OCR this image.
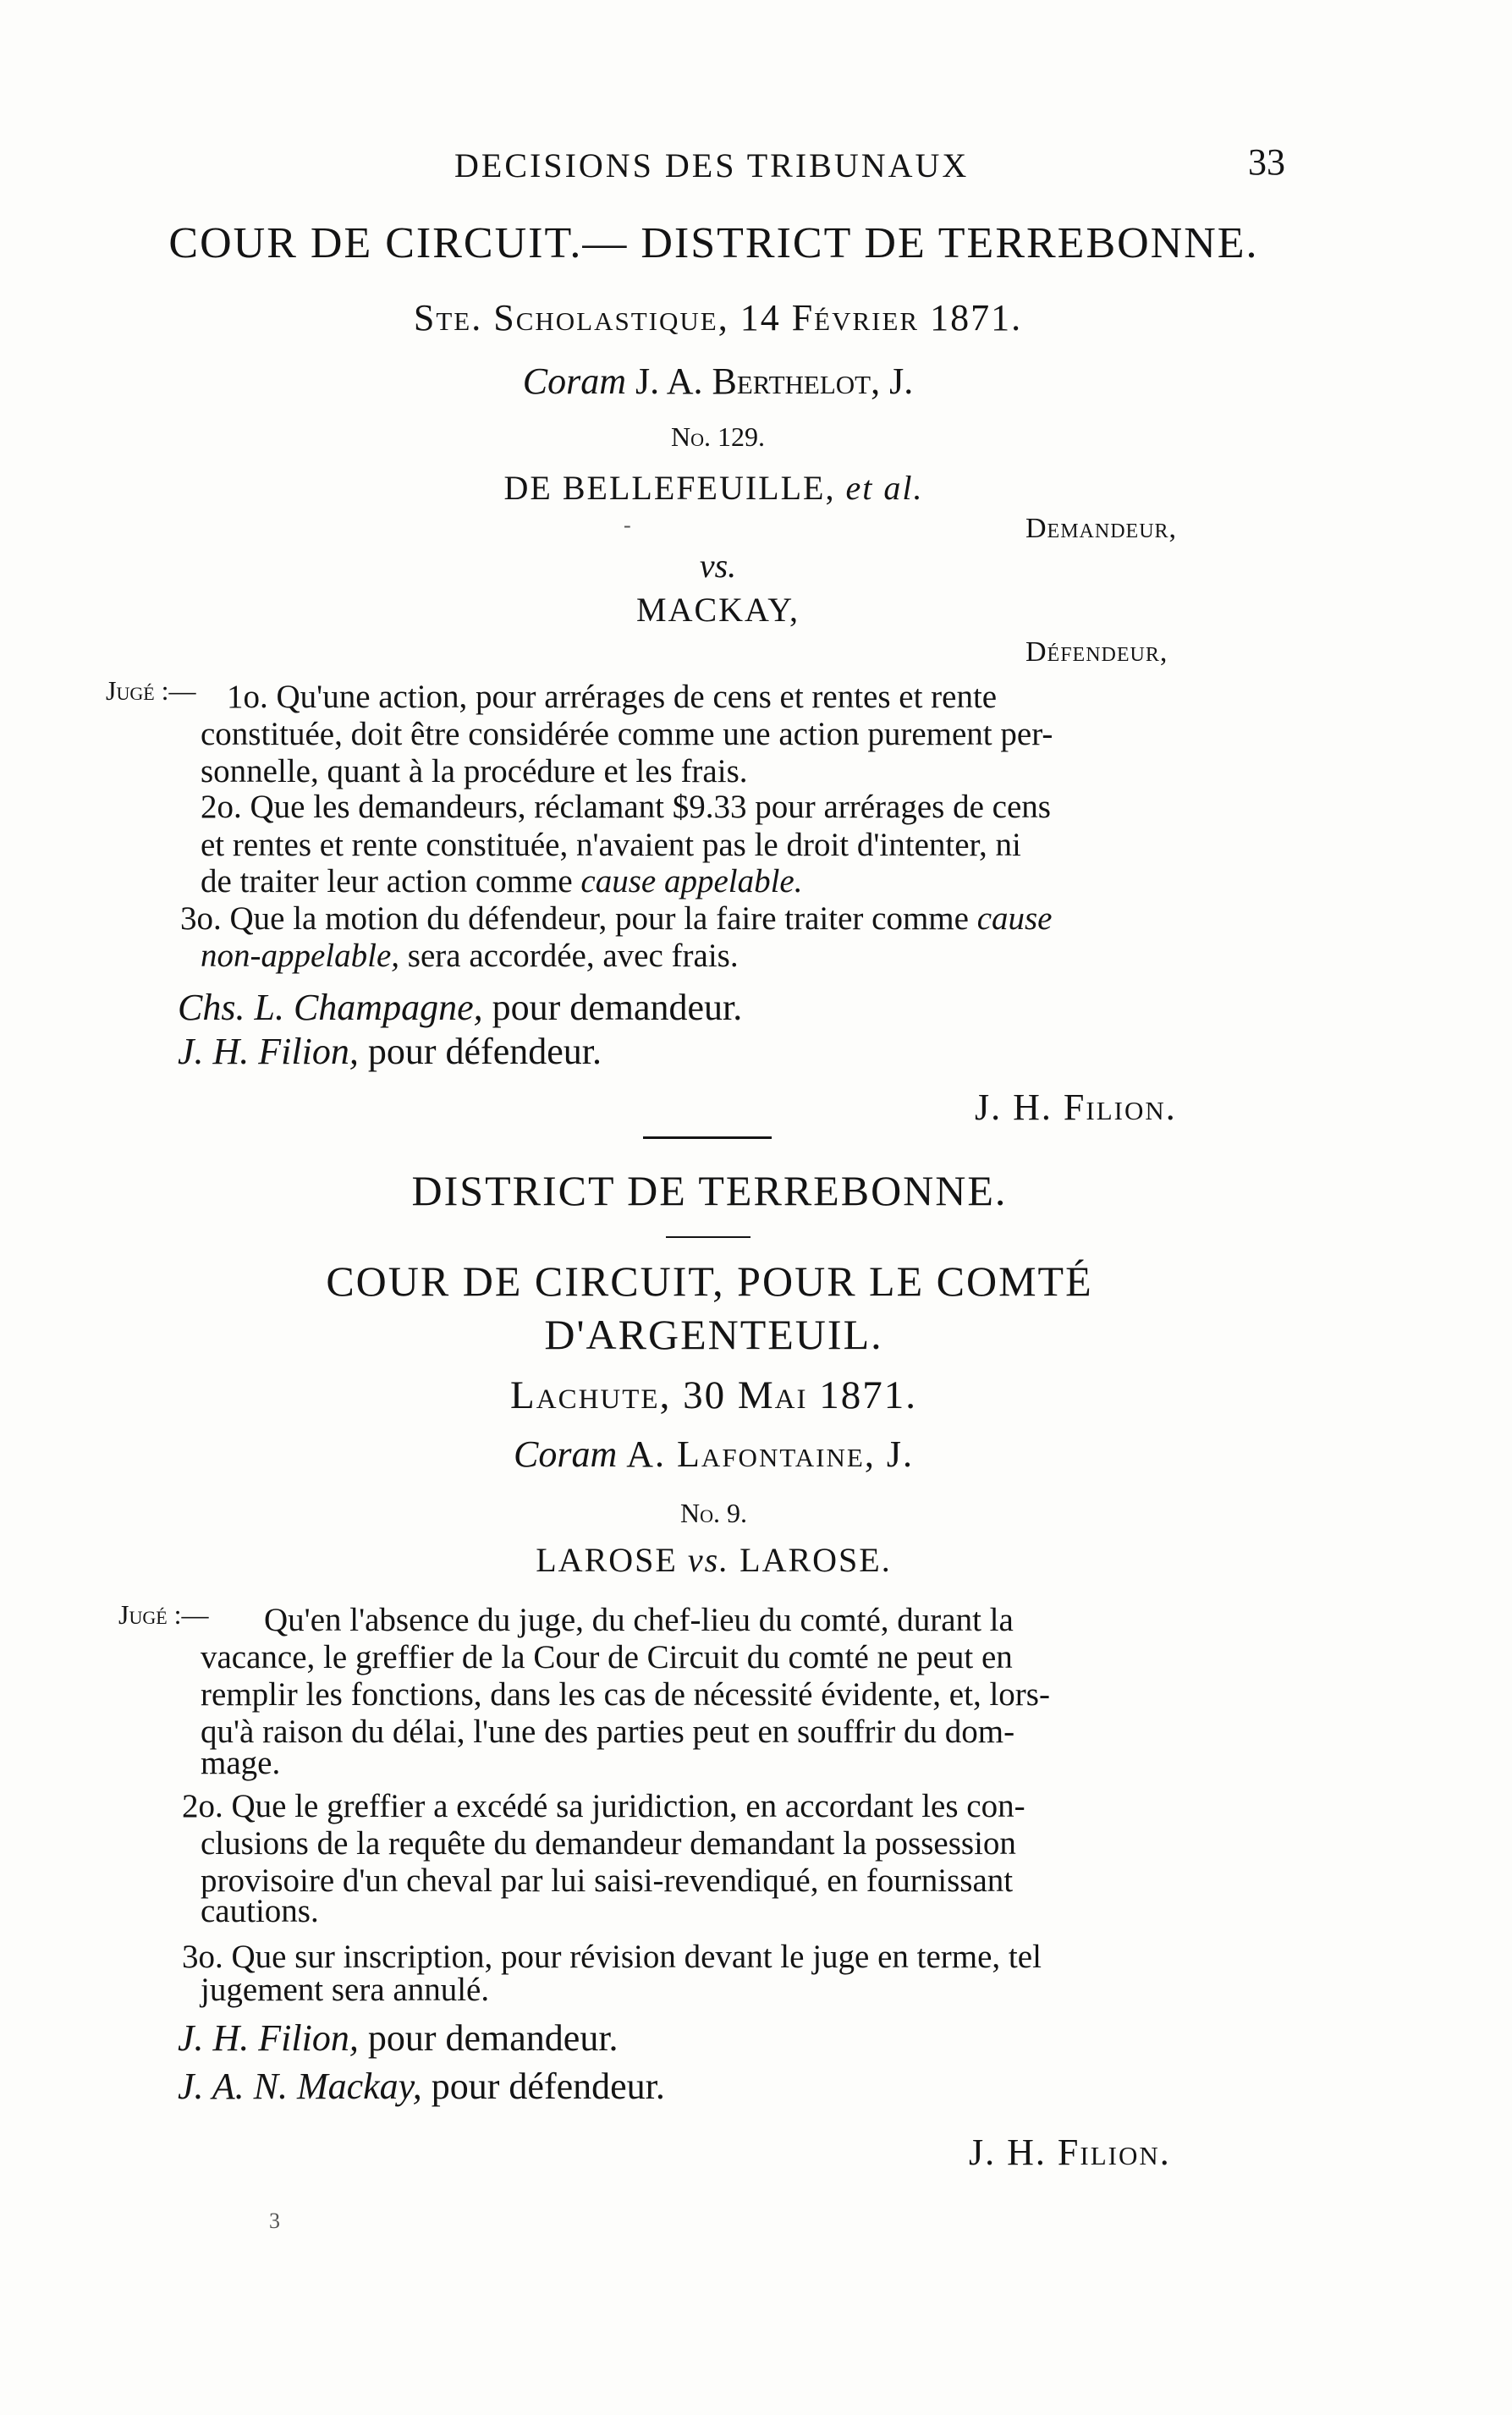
DECISIONS DES TRIBUNAUX	33
COUR DE CIRCUIT.— DISTRICT DE TERREBONNE.
Ste. Scholastique, 14 Février 1871.
Coram J. A. Berthelot, J.
No. 129.
DE BELLEFEUILLE, et al.
-	Demandeur,
vs.
MACKAY,
Défendeur,
Jugé :— 1o. Qu'une action, pour arrérages de cens et rentes et rente
constituée, doit être considérée comme une action purement per-
sonnelle, quant à la procédure et les frais.
2o. Que les demandeurs, réclamant $9.33 pour arrérages de cens
et rentes et rente constituée, n'avaient pas le droit d'intenter, ni
de traiter leur action comme cause appelable.
3o. Que la motion du défendeur, pour la faire traiter comme cause
non-appelable, sera accordée, avec frais.
Chs. L. Champagne, pour demandeur.
J. H. Filion, pour défendeur.
J. H. Filion.
DISTRICT DE TERREBONNE.
COUR DE CIRCUIT, POUR LE COMTÉ
D'ARGENTEUIL.
Lachute, 30 Mai 1871.
Coram A. Lafontaine, J.
No. 9.
LAROSE vs. LAROSE.
Jugé :— Qu'en l'absence du juge, du chef-lieu du comté, durant la
vacance, le greffier de la Cour de Circuit du comté ne peut en
remplir les fonctions, dans les cas de nécessité évidente, et, lors-
qu'à raison du délai, l'une des parties peut en souffrir du dom-
mage.
2o. Que le greffier a excédé sa juridiction, en accordant les con-
clusions de la requête du demandeur demandant la possession
provisoire d'un cheval par lui saisi-revendiqué, en fournissant
cautions.
3o. Que sur inscription, pour révision devant le juge en terme, tel
jugement sera annulé.
J. H. Filion, pour demandeur.
J. A. N. Mackay, pour défendeur.
J. H. Filion.
3
